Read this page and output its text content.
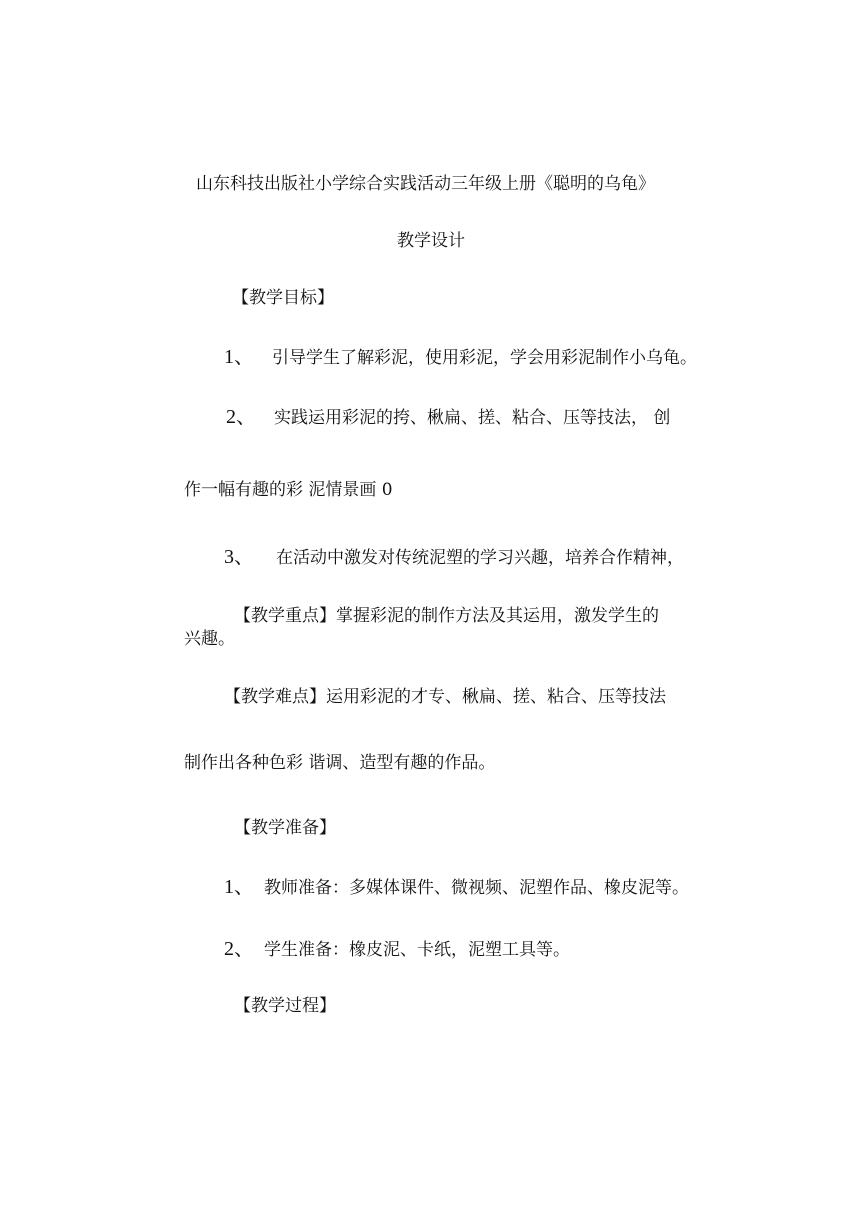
山东科技出版社小学综合实践活动三年级上册《聪明的乌龟》
教学设计
【教学目标】
1、 引导学生了解彩泥，使用彩泥，学会用彩泥制作小乌龟。
2、 实践运用彩泥的挎、楸扁、搓、粘合、压等技法， 创
作一幅有趣的彩 泥情景画 0
3、 在活动中激发对传统泥塑的学习兴趣，培养合作精神，
【教学重点】掌握彩泥的制作方法及其运用，激发学生的
兴趣。
【教学难点】运用彩泥的才专、楸扁、搓、粘合、压等技法
制作出各种色彩 谐调、造型有趣的作品。
【教学准备】
1、 教师准备：多媒体课件、微视频、泥塑作品、橡皮泥等。
2、 学生准备：橡皮泥、卡纸，泥塑工具等。
【教学过程】
